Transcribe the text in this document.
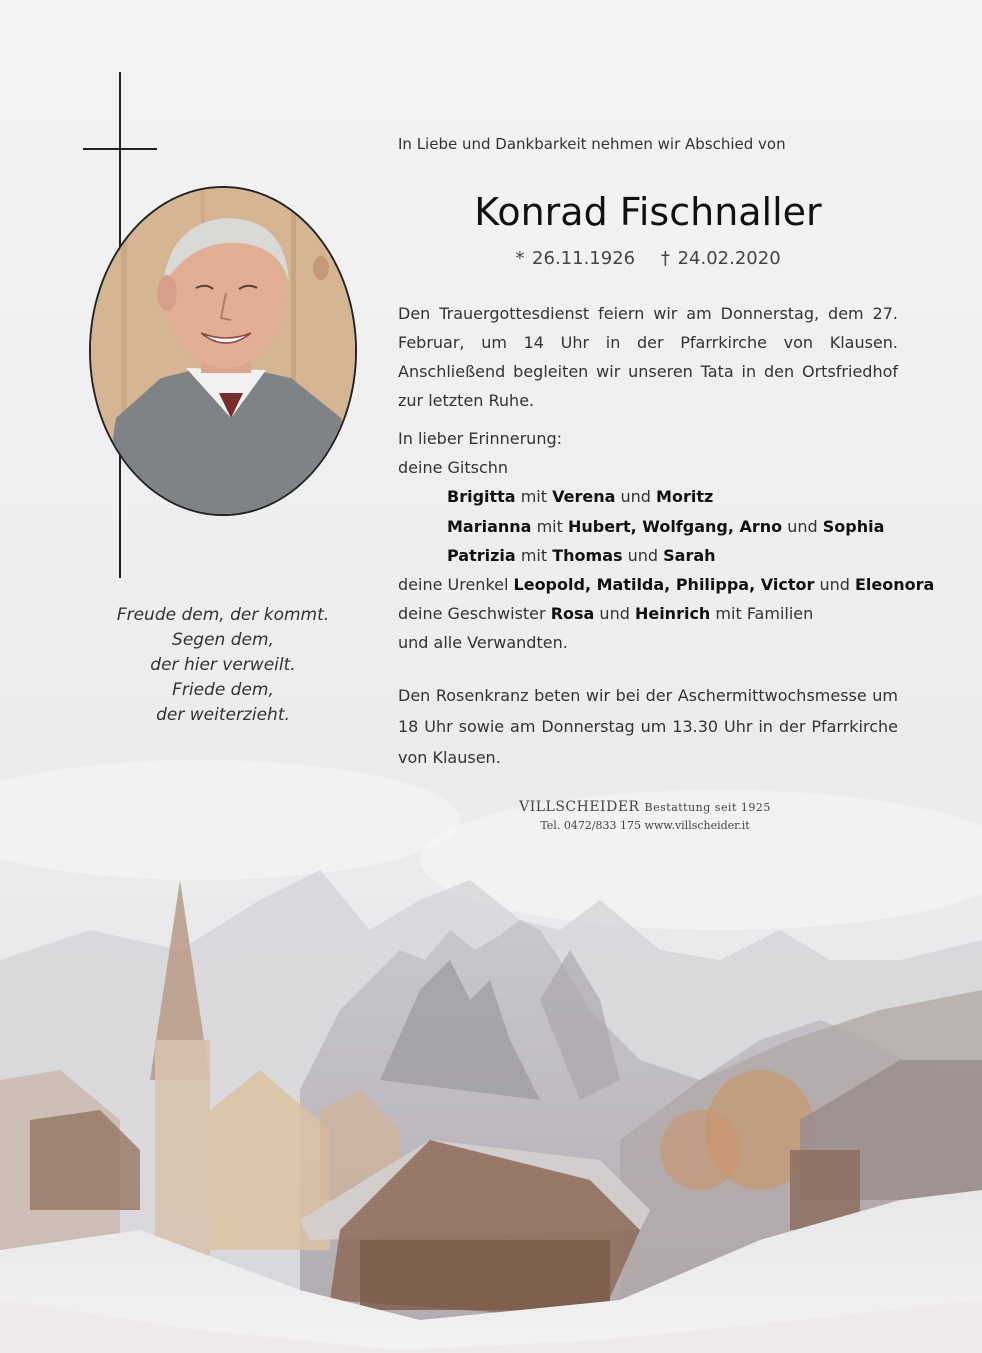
Freude dem, der kommt.
Segen dem,
der hier verweilt.
Friede dem,
der weiterzieht.
In Liebe und Dankbarkeit nehmen wir Abschied von
Konrad Fischnaller
* 26.11.1926 † 24.02.2020
Den Trauergottesdienst feiern wir am Donnerstag, dem 27. Februar, um 14 Uhr in der Pfarrkirche von Klausen. Anschließend begleiten wir unseren Tata in den Ortsfriedhof zur letzten Ruhe.
In lieber Erinnerung:
deine Gitschn
Brigitta mit Verena und Moritz
Marianna mit Hubert, Wolfgang, Arno und Sophia
Patrizia mit Thomas und Sarah
deine Urenkel Leopold, Matilda, Philippa, Victor und Eleonora
deine Geschwister Rosa und Heinrich mit Familien
und alle Verwandten.
Den Rosenkranz beten wir bei der Aschermittwochsmesse um 18 Uhr sowie am Donnerstag um 13.30 Uhr in der Pfarrkirche von Klausen.
VILLSCHEIDER Bestattung seit 1925
Tel. 0472/833 175 www.villscheider.it
